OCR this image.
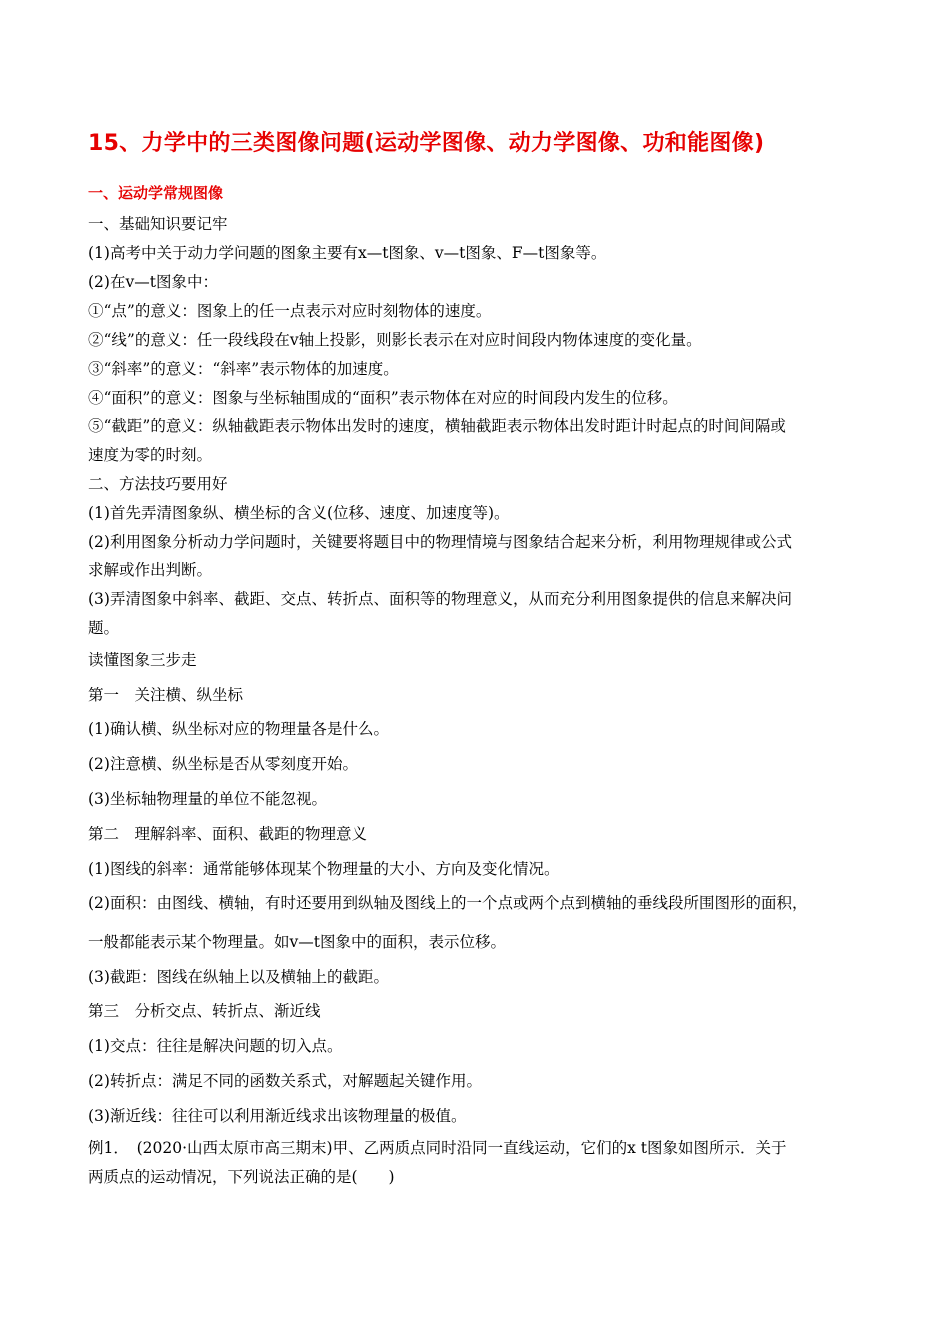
15、力学中的三类图像问题(运动学图像、动力学图像、功和能图像)
一、运动学常规图像
一、基础知识要记牢
(1)高考中关于动力学问题的图象主要有x—t图象、v—t图象、F—t图象等。
(2)在v—t图象中：
①“点”的意义：图象上的任一点表示对应时刻物体的速度。
②“线”的意义：任一段线段在v轴上投影，则影长表示在对应时间段内物体速度的变化量。
③“斜率”的意义：“斜率”表示物体的加速度。
④“面积”的意义：图象与坐标轴围成的“面积”表示物体在对应的时间段内发生的位移。
⑤“截距”的意义：纵轴截距表示物体出发时的速度，横轴截距表示物体出发时距计时起点的时间间隔或
速度为零的时刻。
二、方法技巧要用好
(1)首先弄清图象纵、横坐标的含义(位移、速度、加速度等)。
(2)利用图象分析动力学问题时，关键要将题目中的物理情境与图象结合起来分析，利用物理规律或公式
求解或作出判断。
(3)弄清图象中斜率、截距、交点、转折点、面积等的物理意义，从而充分利用图象提供的信息来解决问
题。
读懂图象三步走
第一　关注横、纵坐标
(1)确认横、纵坐标对应的物理量各是什么。
(2)注意横、纵坐标是否从零刻度开始。
(3)坐标轴物理量的单位不能忽视。
第二　理解斜率、面积、截距的物理意义
(1)图线的斜率：通常能够体现某个物理量的大小、方向及变化情况。
(2)面积：由图线、横轴，有时还要用到纵轴及图线上的一个点或两个点到横轴的垂线段所围图形的面积，
一般都能表示某个物理量。如v—t图象中的面积，表示位移。
(3)截距：图线在纵轴上以及横轴上的截距。
第三　分析交点、转折点、渐近线
(1)交点：往往是解决问题的切入点。
(2)转折点：满足不同的函数关系式，对解题起关键作用。
(3)渐近线：往往可以利用渐近线求出该物理量的极值。
例1．　(2020·山西太原市高三期末)甲、乙两质点同时沿同一直线运动，它们的x t图象如图所示．关于
两质点的运动情况，下列说法正确的是(　　)
